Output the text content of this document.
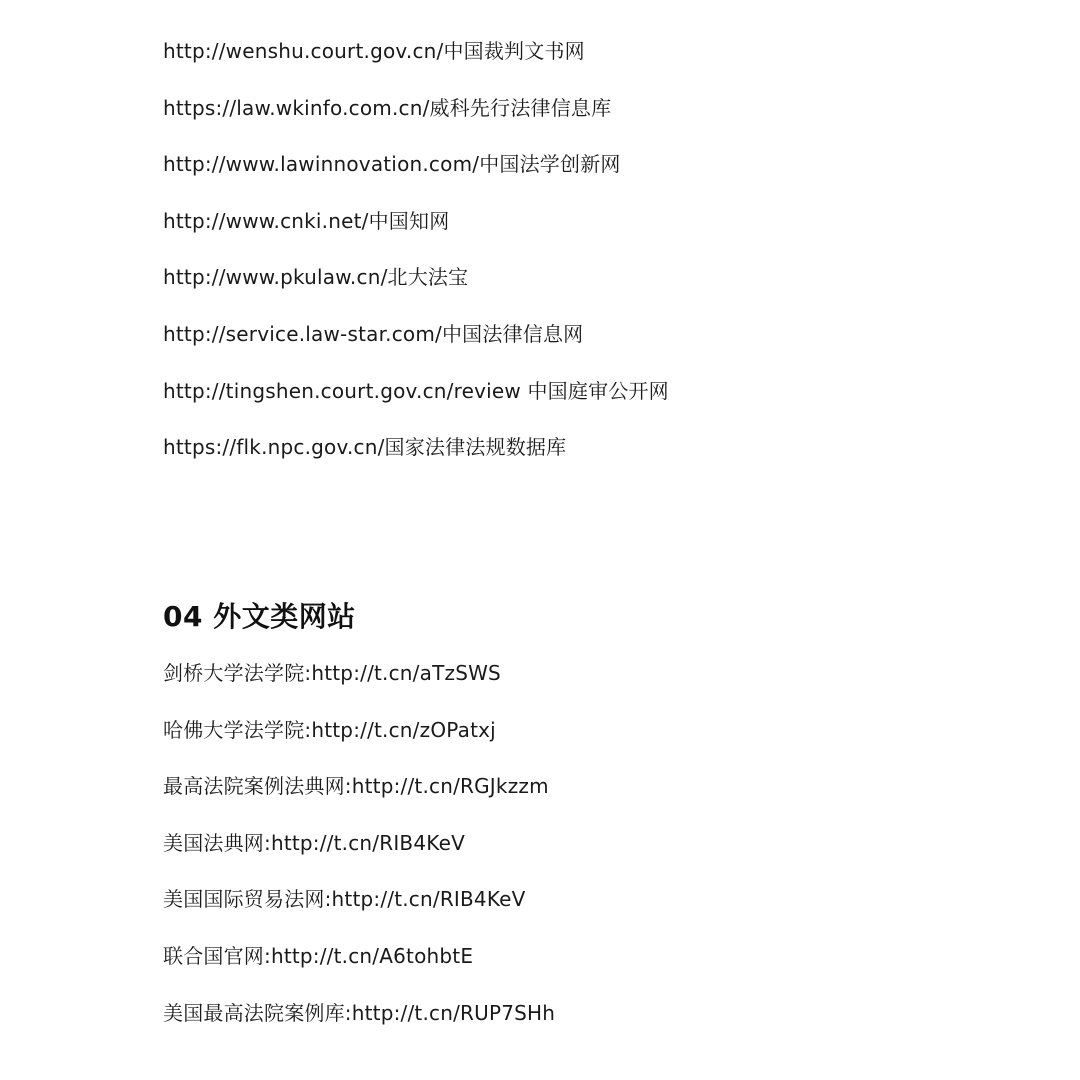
http://wenshu.court.gov.cn/中国裁判文书网
https://law.wkinfo.com.cn/威科先行法律信息库
http://www.lawinnovation.com/中国法学创新网
http://www.cnki.net/中国知网
http://www.pkulaw.cn/北大法宝
http://service.law-star.com/中国法律信息网
http://tingshen.court.gov.cn/review 中国庭审公开网
https://flk.npc.gov.cn/国家法律法规数据库
04 外文类网站
剑桥大学法学院:http://t.cn/aTzSWS
哈佛大学法学院:http://t.cn/zOPatxj
最高法院案例法典网:http://t.cn/RGJkzzm
美国法典网:http://t.cn/RIB4KeV
美国国际贸易法网:http://t.cn/RIB4KeV
联合国官网:http://t.cn/A6tohbtE
美国最高法院案例库:http://t.cn/RUP7SHh
